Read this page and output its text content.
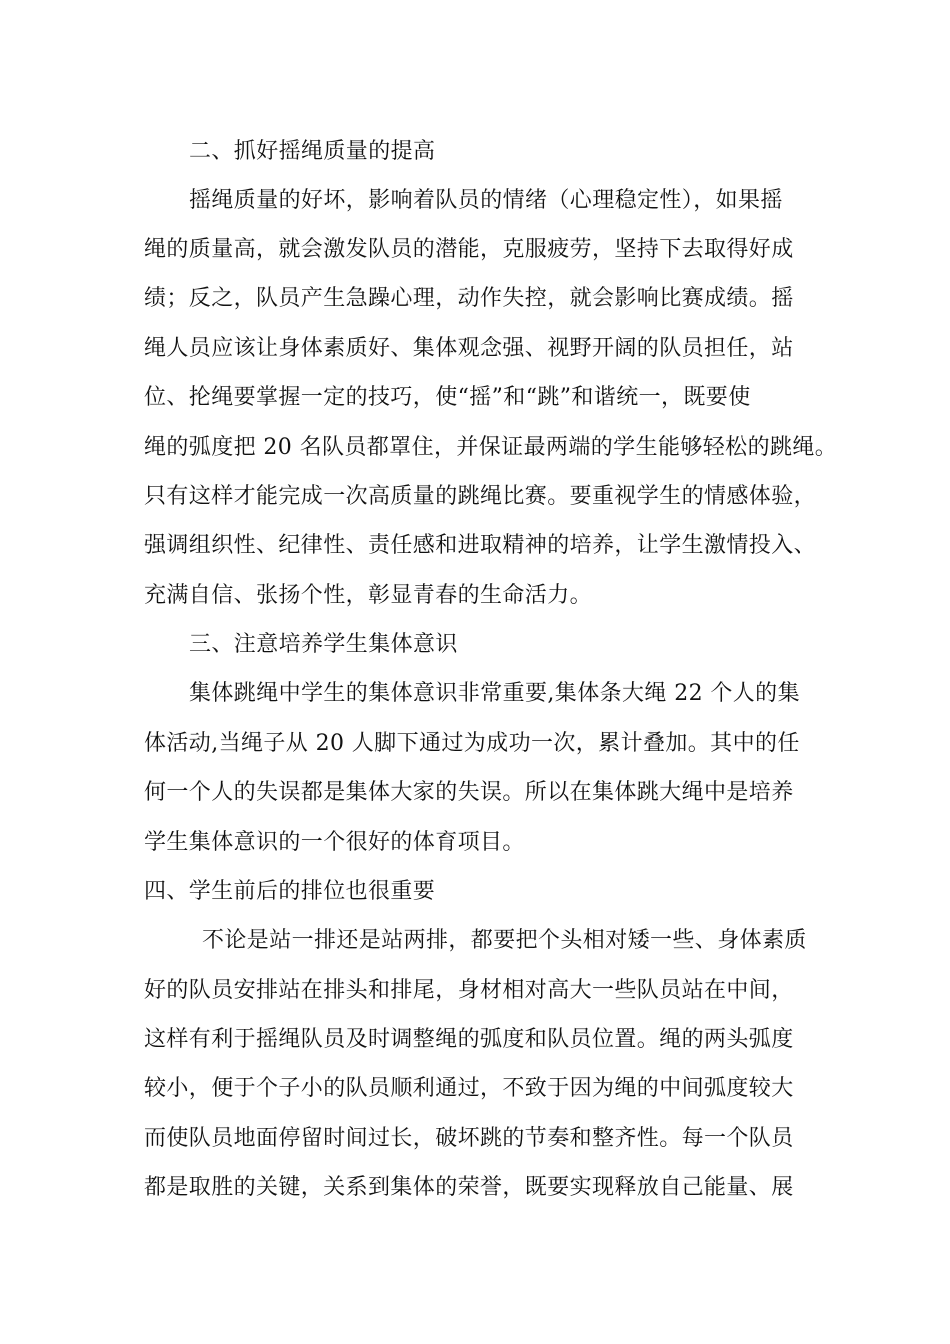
二、抓好摇绳质量的提高
摇绳质量的好坏，影响着队员的情绪（心理稳定性），如果摇
绳的质量高，就会激发队员的潜能，克服疲劳，坚持下去取得好成
绩；反之，队员产生急躁心理，动作失控，就会影响比赛成绩。摇
绳人员应该让身体素质好、集体观念强、视野开阔的队员担任，站
位、抡绳要掌握一定的技巧，使“摇”和“跳”和谐统一，既要使
绳的弧度把 20 名队员都罩住，并保证最两端的学生能够轻松的跳绳。
只有这样才能完成一次高质量的跳绳比赛。要重视学生的情感体验，
强调组织性、纪律性、责任感和进取精神的培养，让学生激情投入、
充满自信、张扬个性，彰显青春的生命活力。
三、注意培养学生集体意识
集体跳绳中学生的集体意识非常重要,集体条大绳 22 个人的集
体活动,当绳子从 20 人脚下通过为成功一次，累计叠加。其中的任
何一个人的失误都是集体大家的失误。所以在集体跳大绳中是培养
学生集体意识的一个很好的体育项目。
四、学生前后的排位也很重要
不论是站一排还是站两排，都要把个头相对矮一些、身体素质
好的队员安排站在排头和排尾，身材相对高大一些队员站在中间，
这样有利于摇绳队员及时调整绳的弧度和队员位置。绳的两头弧度
较小，便于个子小的队员顺利通过，不致于因为绳的中间弧度较大
而使队员地面停留时间过长，破坏跳的节奏和整齐性。每一个队员
都是取胜的关键，关系到集体的荣誉，既要实现释放自己能量、展
